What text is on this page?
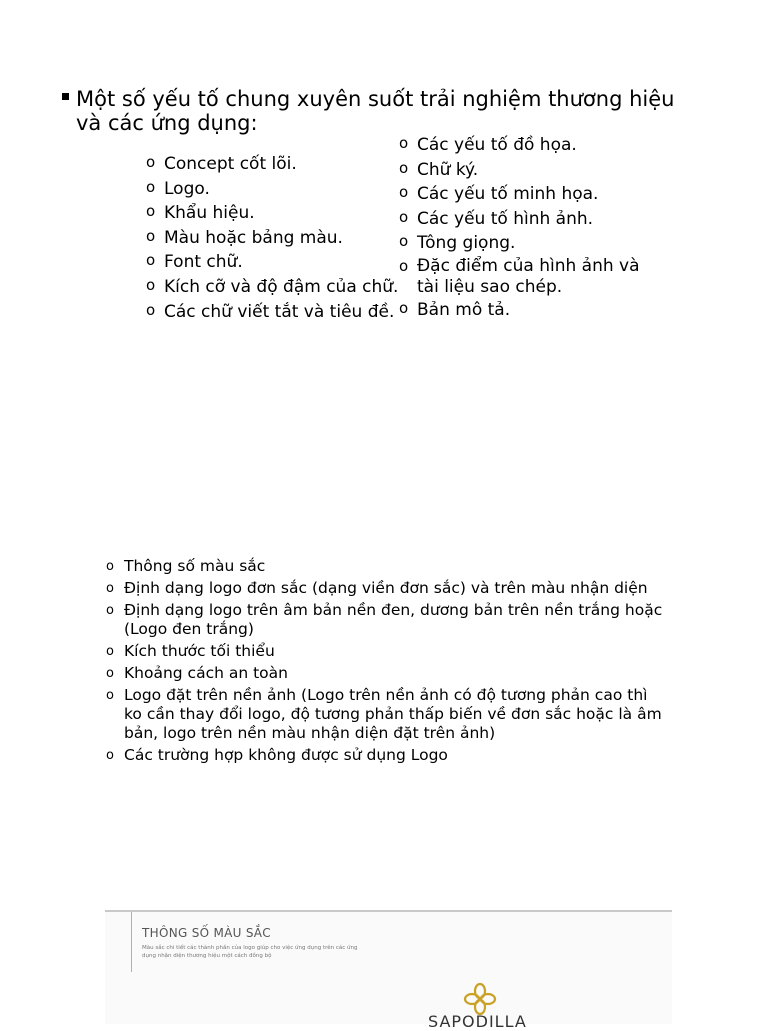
Một số yếu tố chung xuyên suốt trải nghiệm thương hiệu và các ứng dụng:
o Concept cốt lõi.
o Logo.
o Khẩu hiệu.
o Màu hoặc bảng màu.
o Font chữ.
o Kích cỡ và độ đậm của chữ.
o Các chữ viết tắt và tiêu đề.
o Các yếu tố đồ họa.
o Chữ ký.
o Các yếu tố minh họa.
o Các yếu tố hình ảnh.
o Tông giọng.
o Đặc điểm của hình ảnh và tài liệu sao chép.
o Bản mô tả.
o Thông số màu sắc
o Định dạng logo đơn sắc (dạng viền đơn sắc) và trên màu nhận diện
o Định dạng logo trên âm bản nền đen, dương bản trên nền trắng hoặc (Logo đen trắng)
o Kích thước tối thiểu
o Khoảng cách an toàn
o Logo đặt trên nền ảnh (Logo trên nền ảnh có độ tương phản cao thì ko cần thay đổi logo, độ tương phản thấp biến về đơn sắc hoặc là âm bản, logo trên nền màu nhận diện đặt trên ảnh)
o Các trường hợp không được sử dụng Logo
THÔNG SỐ MÀU SẮC
Màu sắc chi tiết các thành phần của logo giúp cho việc ứng dụng trên các ứng dụng nhận diện thương hiệu một cách đồng bộ
SAPODILLA
